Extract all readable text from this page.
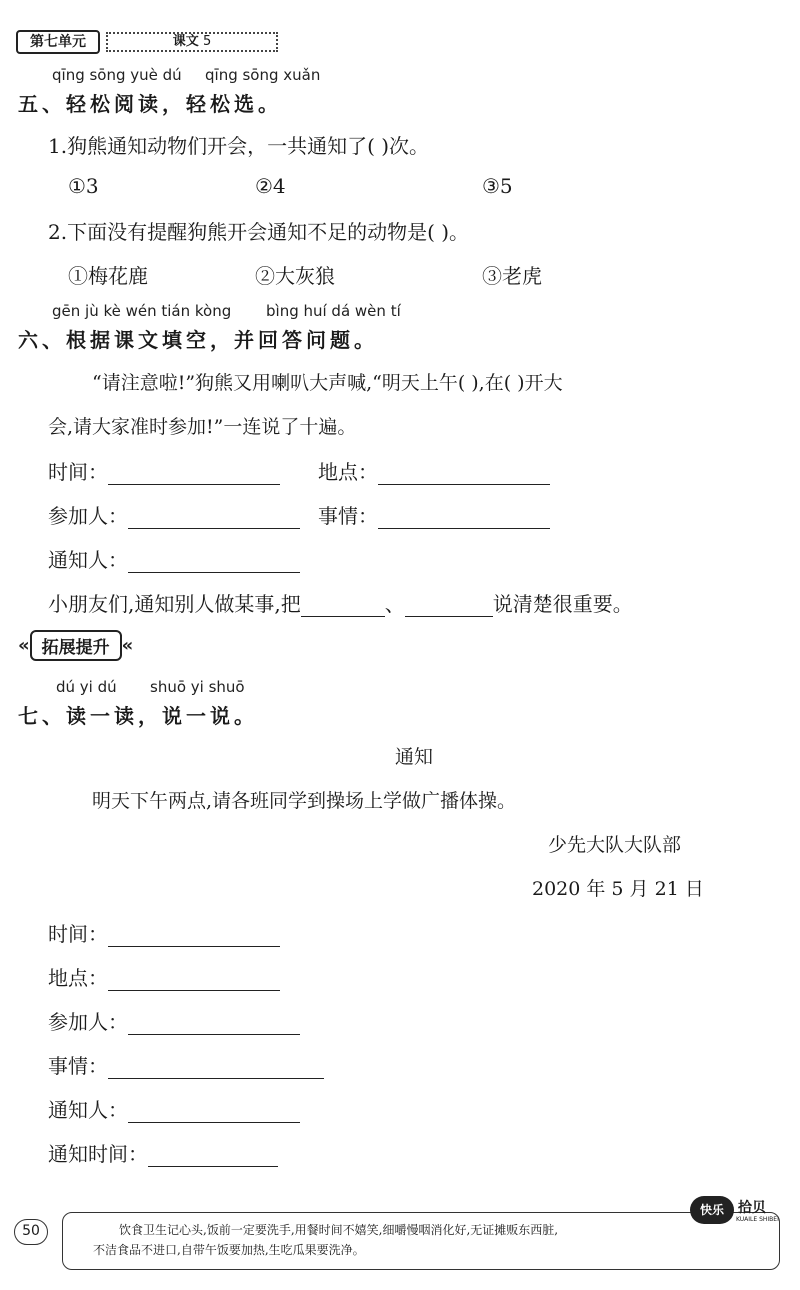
第七单元	课文 5
qīng sōng yuè dú qīng sōng xuǎn
五、轻松阅读，轻松选。
1.狗熊通知动物们开会，一共通知了( )次。
①3	②4	③5
2.下面没有提醒狗熊开会通知不足的动物是( )。
①梅花鹿	②大灰狼	③老虎
gēn jù kè wén tián kòng bìng huí dá wèn tí
六、根据课文填空，并回答问题。
“请注意啦!”狗熊又用喇叭大声喊,“明天上午( ),在( )开大
会,请大家准时参加!”一连说了十遍。
时间：	地点：
参加人：	事情：
通知人：
小朋友们,通知别人做某事,把	、	说清楚很重要。
« 拓展提升 «
dú yi dú shuō yi shuō
七、读一读，说一说。
通知
明天下午两点,请各班同学到操场上学做广播体操。
少先大队大队部
2020 年 5 月 21 日
时间：
地点：
参加人：
事情：
通知人：
通知时间：
50	饮食卫生记心头,饭前一定要洗手,用餐时间不嬉笑,细嚼慢咽消化好,无证摊贩东西脏,
不洁食品不进口,自带午饭要加热,生吃瓜果要洗净。
快乐	拾贝
KUAILE SHIBEI
